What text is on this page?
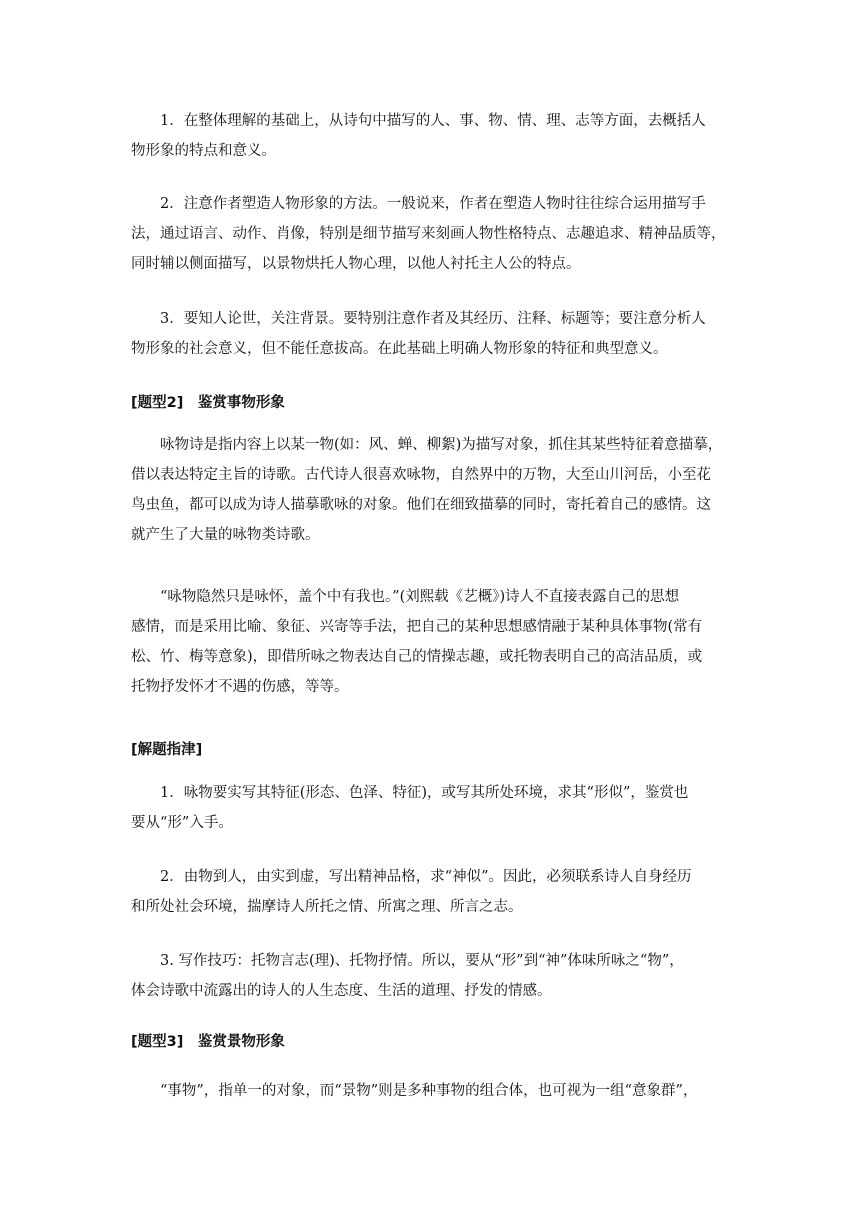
1．在整体理解的基础上，从诗句中描写的人、事、物、情、理、志等方面，去概括人
物形象的特点和意义。

2．注意作者塑造人物形象的方法。一般说来，作者在塑造人物时往往综合运用描写手
法，通过语言、动作、肖像，特别是细节描写来刻画人物性格特点、志趣追求、精神品质等，
同时辅以侧面描写，以景物烘托人物心理，以他人衬托主人公的特点。

3．要知人论世，关注背景。要特别注意作者及其经历、注释、标题等；要注意分析人
物形象的社会意义，但不能任意拔高。在此基础上明确人物形象的特征和典型意义。

[题型2]　鉴赏事物形象

咏物诗是指内容上以某一物(如：风、蝉、柳絮)为描写对象，抓住其某些特征着意描摹，
借以表达特定主旨的诗歌。古代诗人很喜欢咏物，自然界中的万物，大至山川河岳，小至花
鸟虫鱼，都可以成为诗人描摹歌咏的对象。他们在细致描摹的同时，寄托着自己的感情。这
就产生了大量的咏物类诗歌。

“咏物隐然只是咏怀，盖个中有我也。”(刘熙载《艺概》)诗人不直接表露自己的思想
感情，而是采用比喻、象征、兴寄等手法，把自己的某种思想感情融于某种具体事物(常有
松、竹、梅等意象)，即借所咏之物表达自己的情操志趣，或托物表明自己的高洁品质，或
托物抒发怀才不遇的伤感，等等。

[解题指津]

1．咏物要实写其特征(形态、色泽、特征)，或写其所处环境，求其“形似”，鉴赏也
要从“形”入手。

2．由物到人，由实到虚，写出精神品格，求“神似”。因此，必须联系诗人自身经历
和所处社会环境，揣摩诗人所托之情、所寓之理、所言之志。

3. 写作技巧：托物言志(理)、托物抒情。所以，要从“形”到“神”体味所咏之“物”，
体会诗歌中流露出的诗人的人生态度、生活的道理、抒发的情感。

[题型3]　鉴赏景物形象

“事物”，指单一的对象，而“景物”则是多种事物的组合体，也可视为一组“意象群”，
